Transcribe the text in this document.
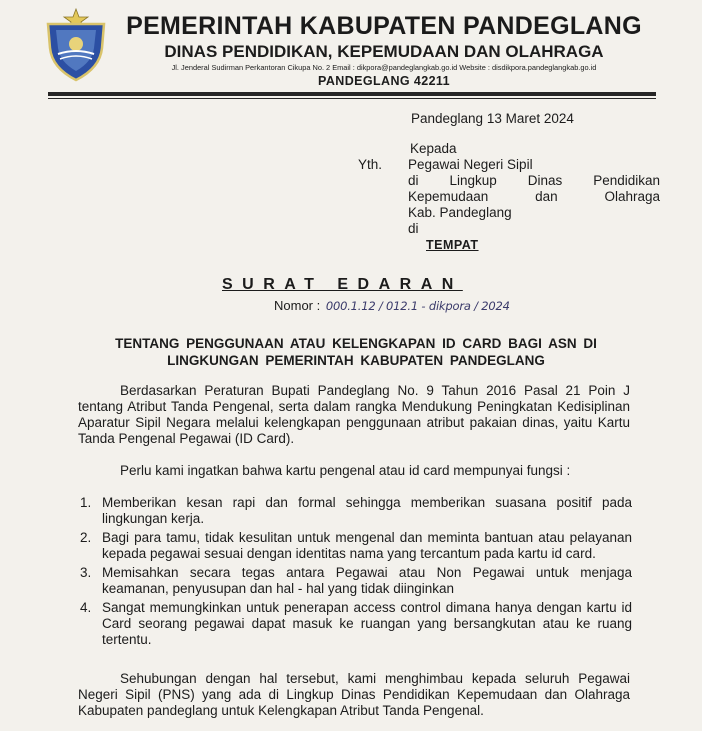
PEMERINTAH KABUPATEN PANDEGLANG
DINAS PENDIDIKAN, KEPEMUDAAN DAN OLAHRAGA
Jl. Jenderal Sudirman Perkantoran Cikupa No. 2 Email : dikpora@pandeglangkab.go.id Website : disdikpora.pandeglangkab.go.id
PANDEGLANG 42211
Pandeglang 13 Maret 2024
Kepada
Yth. Pegawai Negeri Sipil
di Lingkup Dinas Pendidikan
Kepemudaan dan Olahraga
Kab. Pandeglang
di
TEMPAT
SURAT EDARAN
Nomor : 000.1.12 / 012.1 - dikpora / 2024
TENTANG PENGGUNAAN ATAU KELENGKAPAN ID CARD BAGI ASN DI
LINGKUNGAN PEMERINTAH KABUPATEN PANDEGLANG
Berdasarkan Peraturan Bupati Pandeglang No. 9 Tahun 2016 Pasal 21 Poin J tentang Atribut Tanda Pengenal, serta dalam rangka Mendukung Peningkatan Kedisiplinan Aparatur Sipil Negara melalui kelengkapan penggunaan atribut pakaian dinas, yaitu Kartu Tanda Pengenal Pegawai (ID Card).
Perlu kami ingatkan bahwa kartu pengenal atau id card mempunyai fungsi :
1. Memberikan kesan rapi dan formal sehingga memberikan suasana positif pada lingkungan kerja.
2. Bagi para tamu, tidak kesulitan untuk mengenal dan meminta bantuan atau pelayanan kepada pegawai sesuai dengan identitas nama yang tercantum pada kartu id card.
3. Memisahkan secara tegas antara Pegawai atau Non Pegawai untuk menjaga keamanan, penyusupan dan hal - hal yang tidak diinginkan
4. Sangat memungkinkan untuk penerapan access control dimana hanya dengan kartu id Card seorang pegawai dapat masuk ke ruangan yang bersangkutan atau ke ruang tertentu.
Sehubungan dengan hal tersebut, kami menghimbau kepada seluruh Pegawai Negeri Sipil (PNS) yang ada di Lingkup Dinas Pendidikan Kepemudaan dan Olahraga Kabupaten pandeglang untuk Kelengkapan Atribut Tanda Pengenal.
